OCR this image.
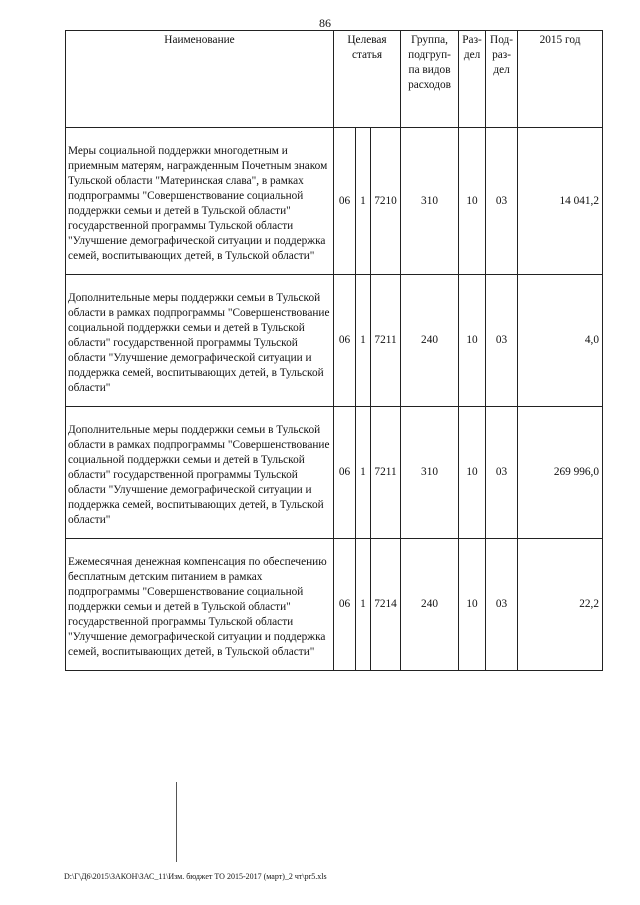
86
Наименование	Целевая статья			Группа, подгруп-па видов расходов	Раз-дел	Под-раз-дел	2015 год
Меры социальной поддержки многодетным и приемным матерям, награжденным Почетным знаком Тульской области "Материнская слава", в рамках подпрограммы "Совершенствование социальной поддержки семьи и детей в Тульской области" государственной программы Тульской области "Улучшение демографической ситуации и поддержка семей, воспитывающих детей, в Тульской области"	06	1	7210	310	10	03	14 041,2
Дополнительные меры поддержки семьи в Тульской области в рамках подпрограммы "Совершенствование социальной поддержки семьи и детей в Тульской области" государственной программы Тульской области "Улучшение демографической ситуации и поддержка семей, воспитывающих детей, в Тульской области"	06	1	7211	240	10	03	4,0
Дополнительные меры поддержки семьи в Тульской области в рамках подпрограммы "Совершенствование социальной поддержки семьи и детей в Тульской области" государственной программы Тульской области "Улучшение демографической ситуации и поддержка семей, воспитывающих детей, в Тульской области"	06	1	7211	310	10	03	269 996,0
Ежемесячная денежная компенсация по обеспечению бесплатным детским питанием в рамках подпрограммы "Совершенствование социальной поддержки семьи и детей в Тульской области" государственной программы Тульской области "Улучшение демографической ситуации и поддержка семей, воспитывающих детей, в Тульской области"	06	1	7214	240	10	03	22,2
D:\Г\Д6\2015\ЗАКОН\ЗАС_11\Изм. бюджет ТО 2015-2017 (март)_2 чт\pr5.xls
